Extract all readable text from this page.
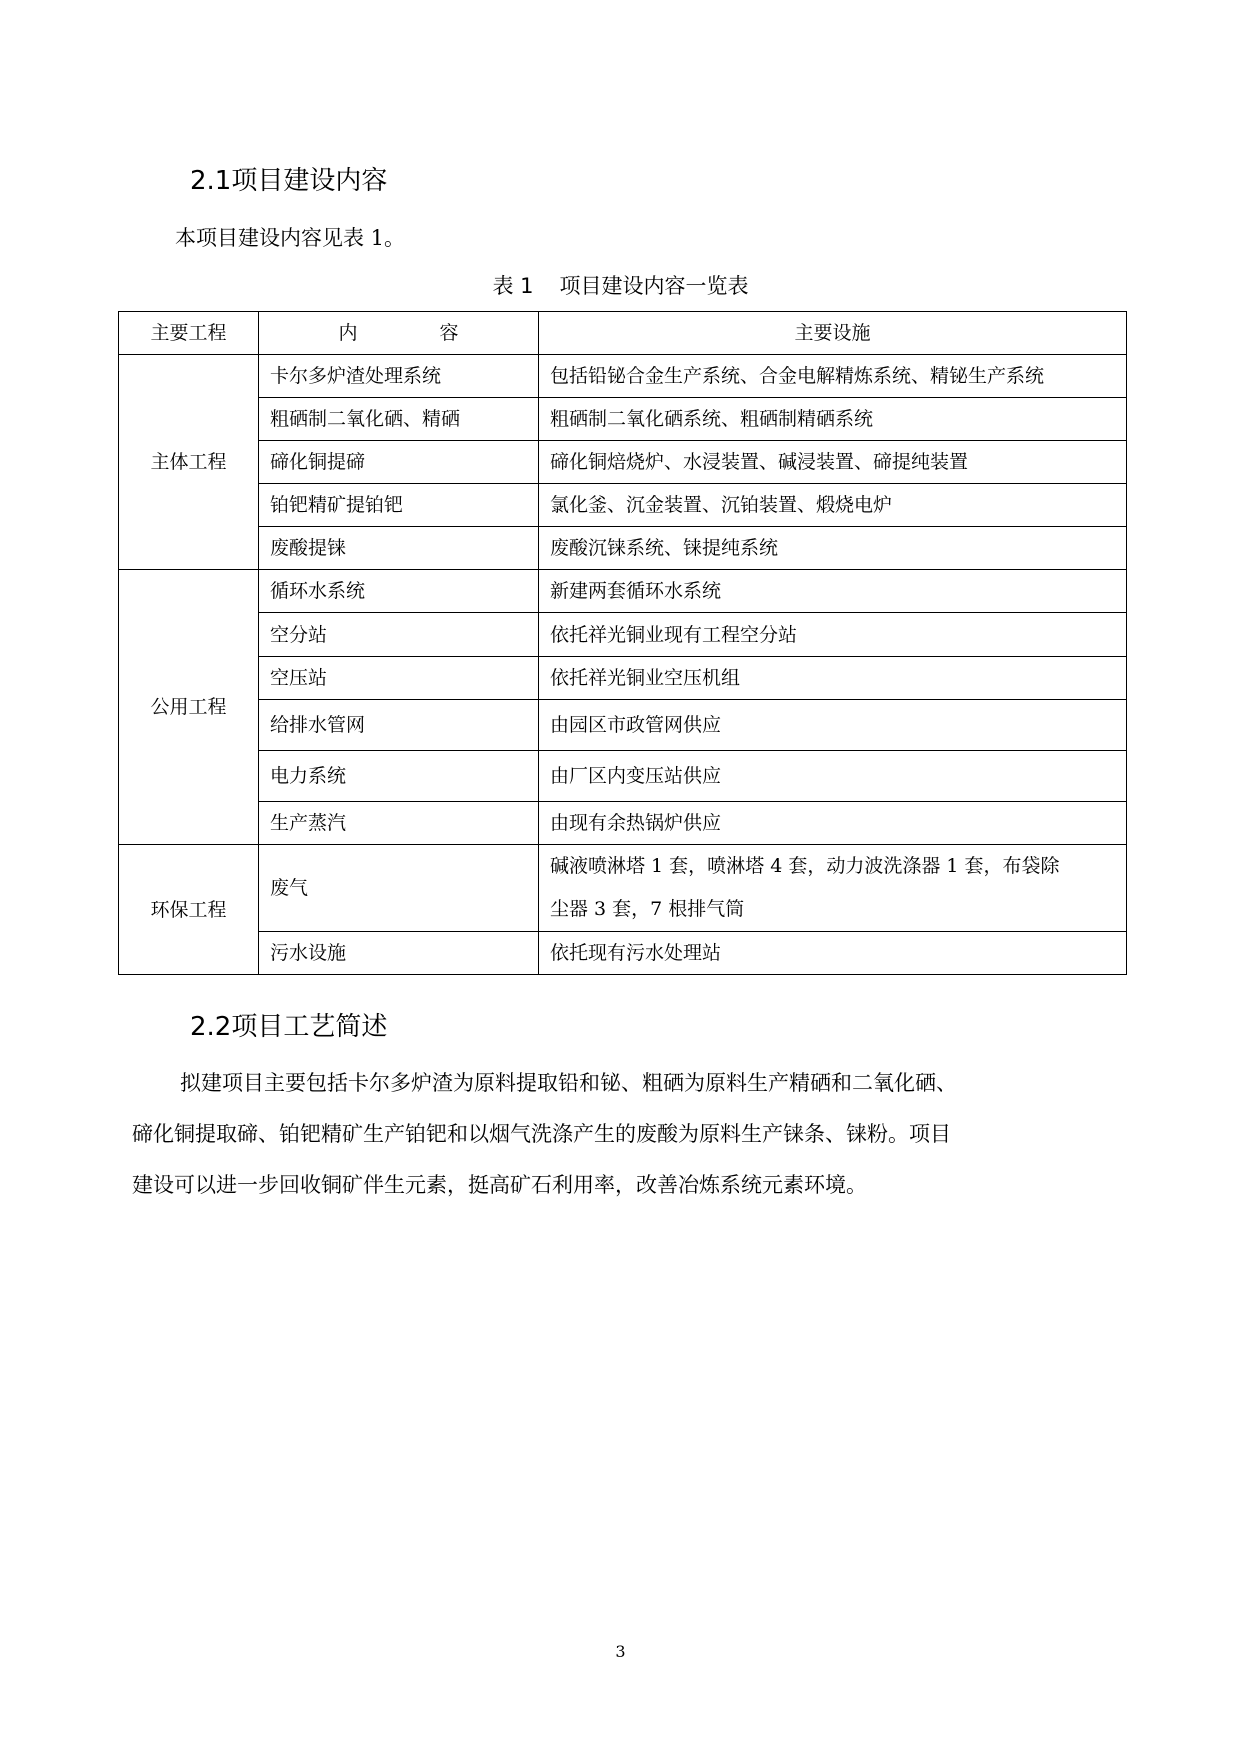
2.1项目建设内容
本项目建设内容见表 1。
表 1 项目建设内容一览表
主要工程	内 容	主要设施
主体工程	卡尔多炉渣处理系统	包括铅铋合金生产系统、合金电解精炼系统、精铋生产系统
	粗硒制二氧化硒、精硒	粗硒制二氧化硒系统、粗硒制精硒系统
	碲化铜提碲	碲化铜焙烧炉、水浸装置、碱浸装置、碲提纯装置
	铂钯精矿提铂钯	氯化釜、沉金装置、沉铂装置、煅烧电炉
	废酸提铼	废酸沉铼系统、铼提纯系统
公用工程	循环水系统	新建两套循环水系统
	空分站	依托祥光铜业现有工程空分站
	空压站	依托祥光铜业空压机组
	给排水管网	由园区市政管网供应
	电力系统	由厂区内变压站供应
	生产蒸汽	由现有余热锅炉供应
环保工程	废气	碱液喷淋塔 1 套，喷淋塔 4 套，动力波洗涤器 1 套，布袋除
尘器 3 套，7 根排气筒

	污水设施	依托现有污水处理站
2.2项目工艺简述
拟建项目主要包括卡尔多炉渣为原料提取铅和铋、粗硒为原料生产精硒和二氧化硒、
碲化铜提取碲、铂钯精矿生产铂钯和以烟气洗涤产生的废酸为原料生产铼条、铼粉。项目
建设可以进一步回收铜矿伴生元素，挺高矿石利用率，改善冶炼系统元素环境。
3
